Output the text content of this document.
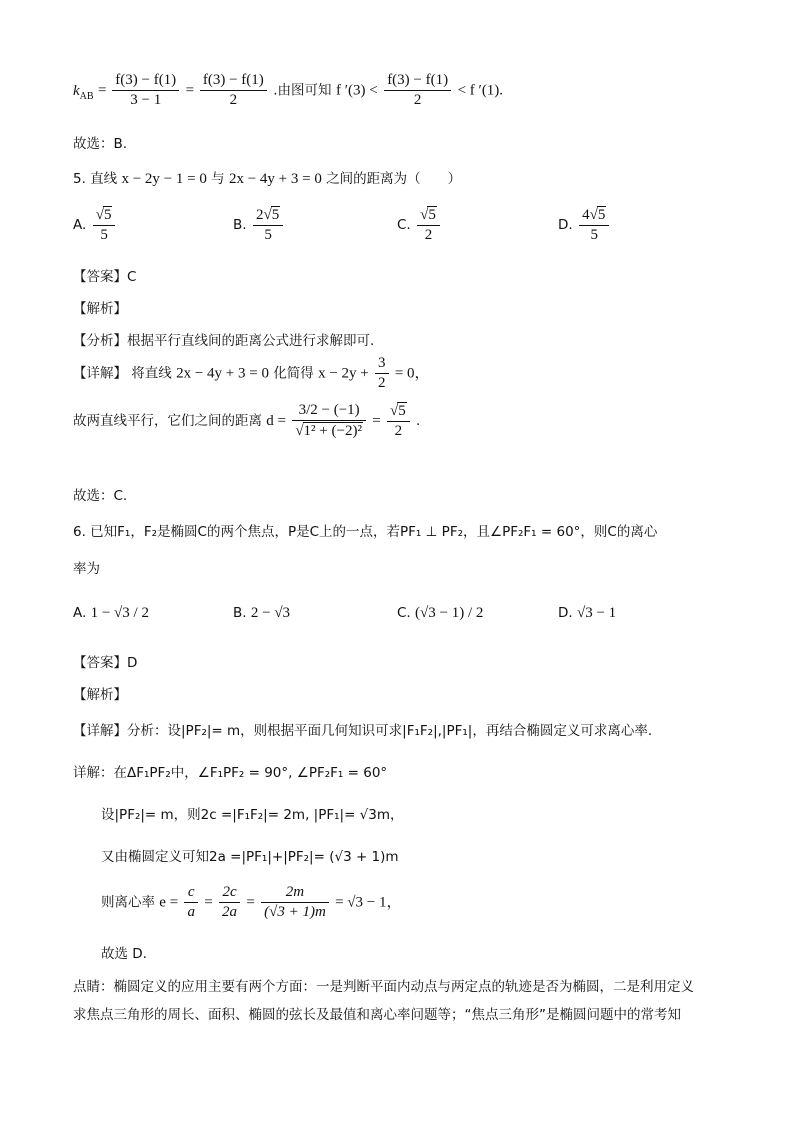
$k_{AB} = \frac{f(3) - f(1)}{3 - 1} = \frac{f(3) - f(1)}{2}$ .由图可知 f $'(3) < \frac{f(3) - f(1)}{2} < f$ ′(1).
故选：B.
5. 直线 x − 2y − 1 = 0 与 2x − 4y + 3 = 0 之间的距离为（　　）
A. $\frac{√5}{5}$	B. $\frac{2√5}{5}$	C. $\frac{√5}{2}$	D. $\frac{4√5}{5}$
【答案】C
【解析】
【分析】根据平行直线间的距离公式进行求解即可.
【详解】 将直线 2x − 4y + 3 = 0 化简得 $x - 2y + \frac{3}{2} = 0$，
故两直线平行，它们之间的距离 $d = \frac{3/2 - (-1)}{\text{√1² + (−2)²}} = \frac{√5}{2}$ .
故选：C.
6. 已知F₁，F₂是椭圆C的两个焦点，P是C上的一点，若PF₁ ⊥ PF₂，且∠PF₂F₁ = 60°，则C的离心
率为
A. 1 − √3 / 2	B. 2 − √3	C. (√3 − 1) / 2	D. √3 − 1
【答案】D
【解析】
【详解】分析：设|PF₂|= m，则根据平面几何知识可求|F₁F₂|,|PF₁|，再结合椭圆定义可求离心率.
详解：在ΔF₁PF₂中，∠F₁PF₂ = 90°, ∠PF₂F₁ = 60°
设|PF₂|= m，则2c =|F₁F₂|= 2m, |PF₁|= √3m，
又由椭圆定义可知2a =|PF₁|+|PF₂|= (√3 + 1)m
则离心率 $e = \frac{c}{a} = \frac{2c}{2a} = \frac{2m}{(√3 + 1)m} = √3 - 1$，
故选 D.
点睛：椭圆定义的应用主要有两个方面：一是判断平面内动点与两定点的轨迹是否为椭圆，二是利用定义
求焦点三角形的周长、面积、椭圆的弦长及最值和离心率问题等；“焦点三角形”是椭圆问题中的常考知
